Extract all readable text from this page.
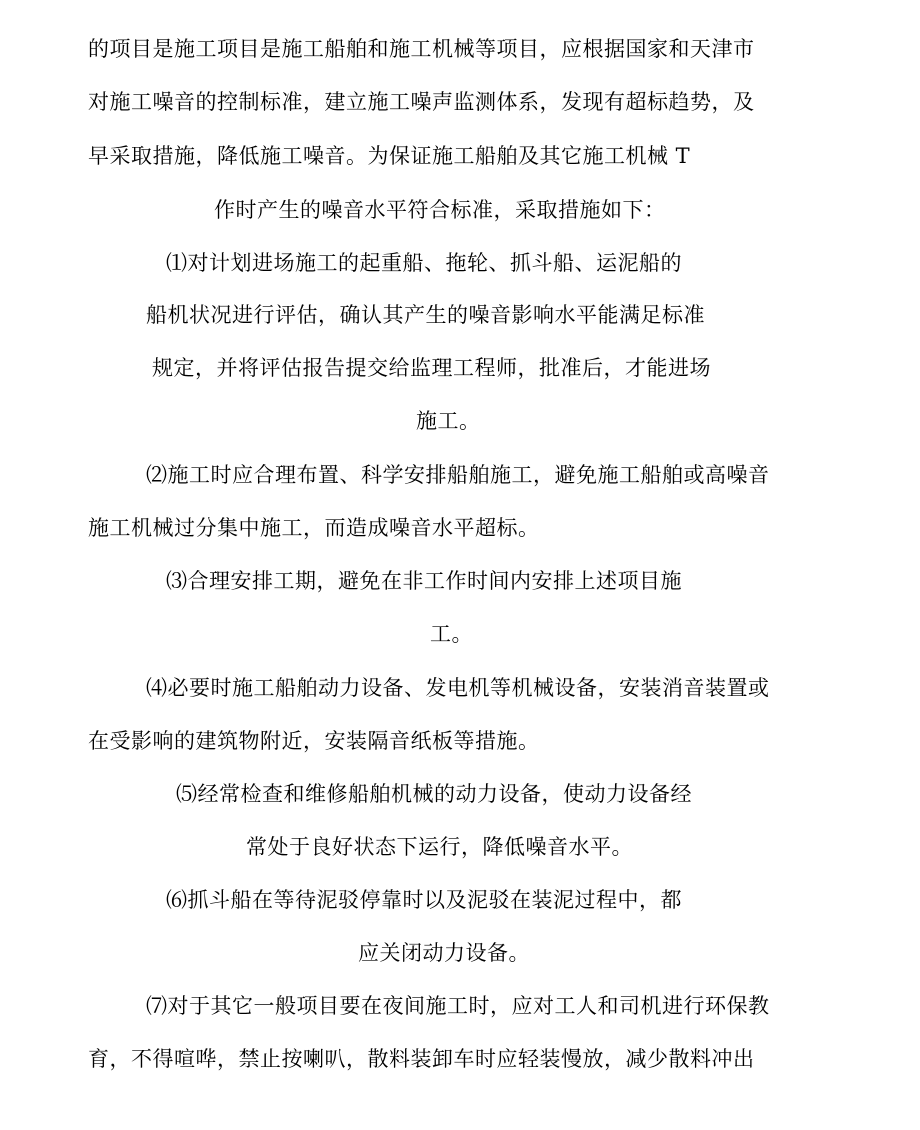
的项目是施工项目是施工船舶和施工机械等项目，应根据国家和天津市
对施工噪音的控制标准，建立施工噪声监测体系，发现有超标趋势，及
早采取措施，降低施工噪音。为保证施工船舶及其它施工机械 T
作时产生的噪音水平符合标准，采取措施如下：
⑴对计划进场施工的起重船、拖轮、抓斗船、运泥船的
船机状况进行评估，确认其产生的噪音影响水平能满足标准
规定，并将评估报告提交给监理工程师，批准后，才能进场
施工。
⑵施工时应合理布置、科学安排船舶施工，避免施工船舶或高噪音
施工机械过分集中施工，而造成噪音水平超标。
⑶合理安排工期，避免在非工作时间内安排上述项目施
工。
⑷必要时施工船舶动力设备、发电机等机械设备，安装消音装置或
在受影响的建筑物附近，安装隔音纸板等措施。
⑸经常检查和维修船舶机械的动力设备，使动力设备经
常处于良好状态下运行，降低噪音水平。
⑹抓斗船在等待泥驳停靠时以及泥驳在装泥过程中，都
应关闭动力设备。
⑺对于其它一般项目要在夜间施工时，应对工人和司机进行环保教
育，不得喧哗，禁止按喇叭，散料装卸车时应轻装慢放，减少散料冲出
